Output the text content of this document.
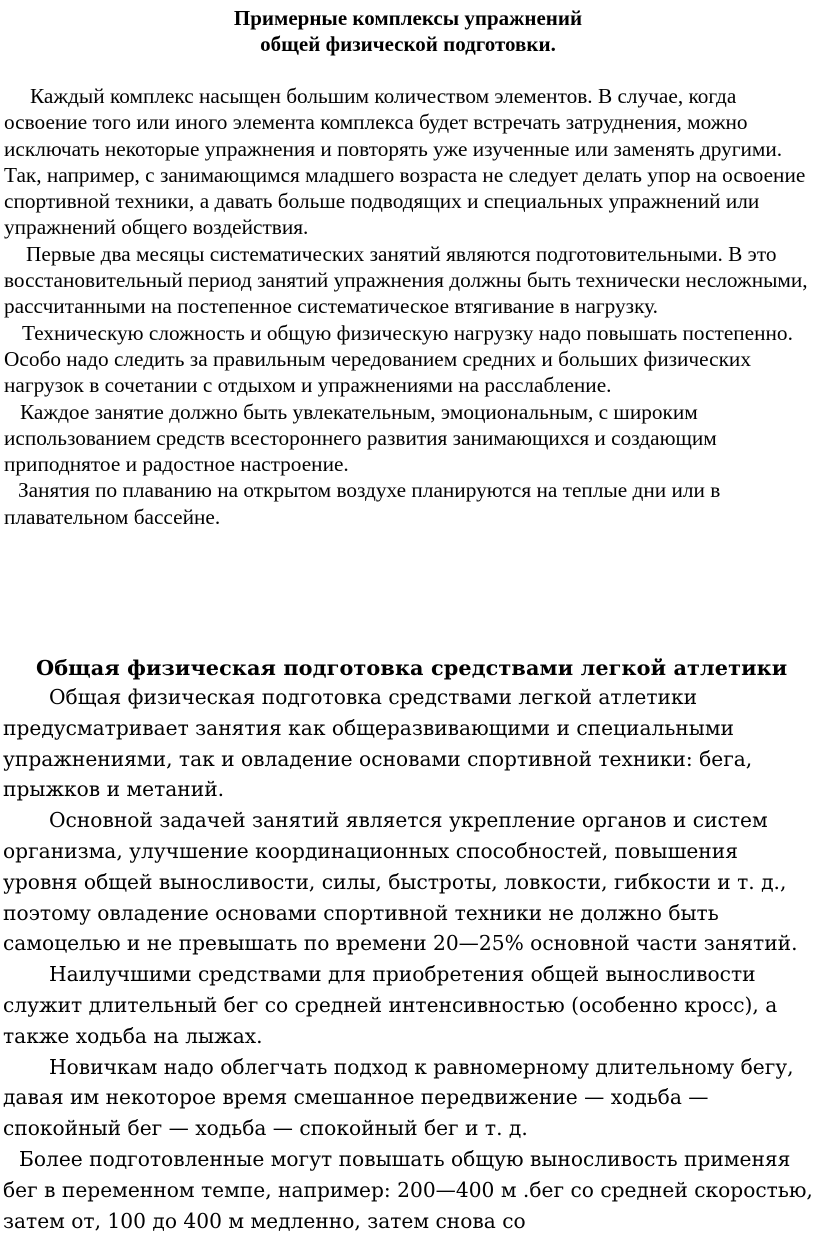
Примерные комплексы упражнений
общей физической подготовки.

Каждый комплекс насыщен большим количеством элементов. В случае, когда освоение того или иного элемента комплекса будет встречать затруднения, можно исключать некоторые упражнения и повторять уже изученные или заменять другими. Так, например, с занимающимся младшего возраста не следует делать упор на освоение спортивной техники, а давать больше подводящих и специальных упражнений или упражнений общего воздействия.

Первые два месяцы систематических занятий являются подготовительными. В это восстановительный период занятий упражнения должны быть технически несложными, рассчитанными на постепенное систематическое втягивание в нагрузку.

Техническую сложность и общую физическую нагрузку надо повышать постепенно. Особо надо следить за правильным чередованием средних и больших физических нагрузок в сочетании с отдыхом и упражнениями на расслабление.

Каждое занятие должно быть увлекательным, эмоциональным, с широким использованием средств всестороннего развития занимающихся и создающим приподнятое и радостное настроение.

Занятия по плаванию на открытом воздухе планируются на теплые дни или в плавательном бассейне.

Общая физическая подготовка средствами легкой атлетики

Общая физическая подготовка средствами легкой атлетики предусматривает занятия как общеразвивающими и специальными упражнениями, так и овладение основами спортивной техники: бега, прыжков и метаний.

Основной задачей занятий является укрепление органов и систем организма, улучшение координационных способностей, повышения уровня общей выносливости, силы, быстроты, ловкости, гибкости и т. д., поэтому овладение основами спортивной техники не должно быть самоцелью и не превышать по времени 20—25% основной части занятий.

Наилучшими средствами для приобретения общей выносливости служит длительный бег со средней интенсивностью (особенно кросс), а также ходьба на лыжах.

Новичкам надо облегчать подход к равномерному длительному бегу, давая им некоторое время смешанное передвижение — ходьба — спокойный бег — ходьба — спокойный бег и т. д.

Более подготовленные могут повышать общую выносливость применяя бег в переменном темпе, например: 200—400 м .бег со средней скоростью, затем от, 100 до 400 м медленно, затем снова со
